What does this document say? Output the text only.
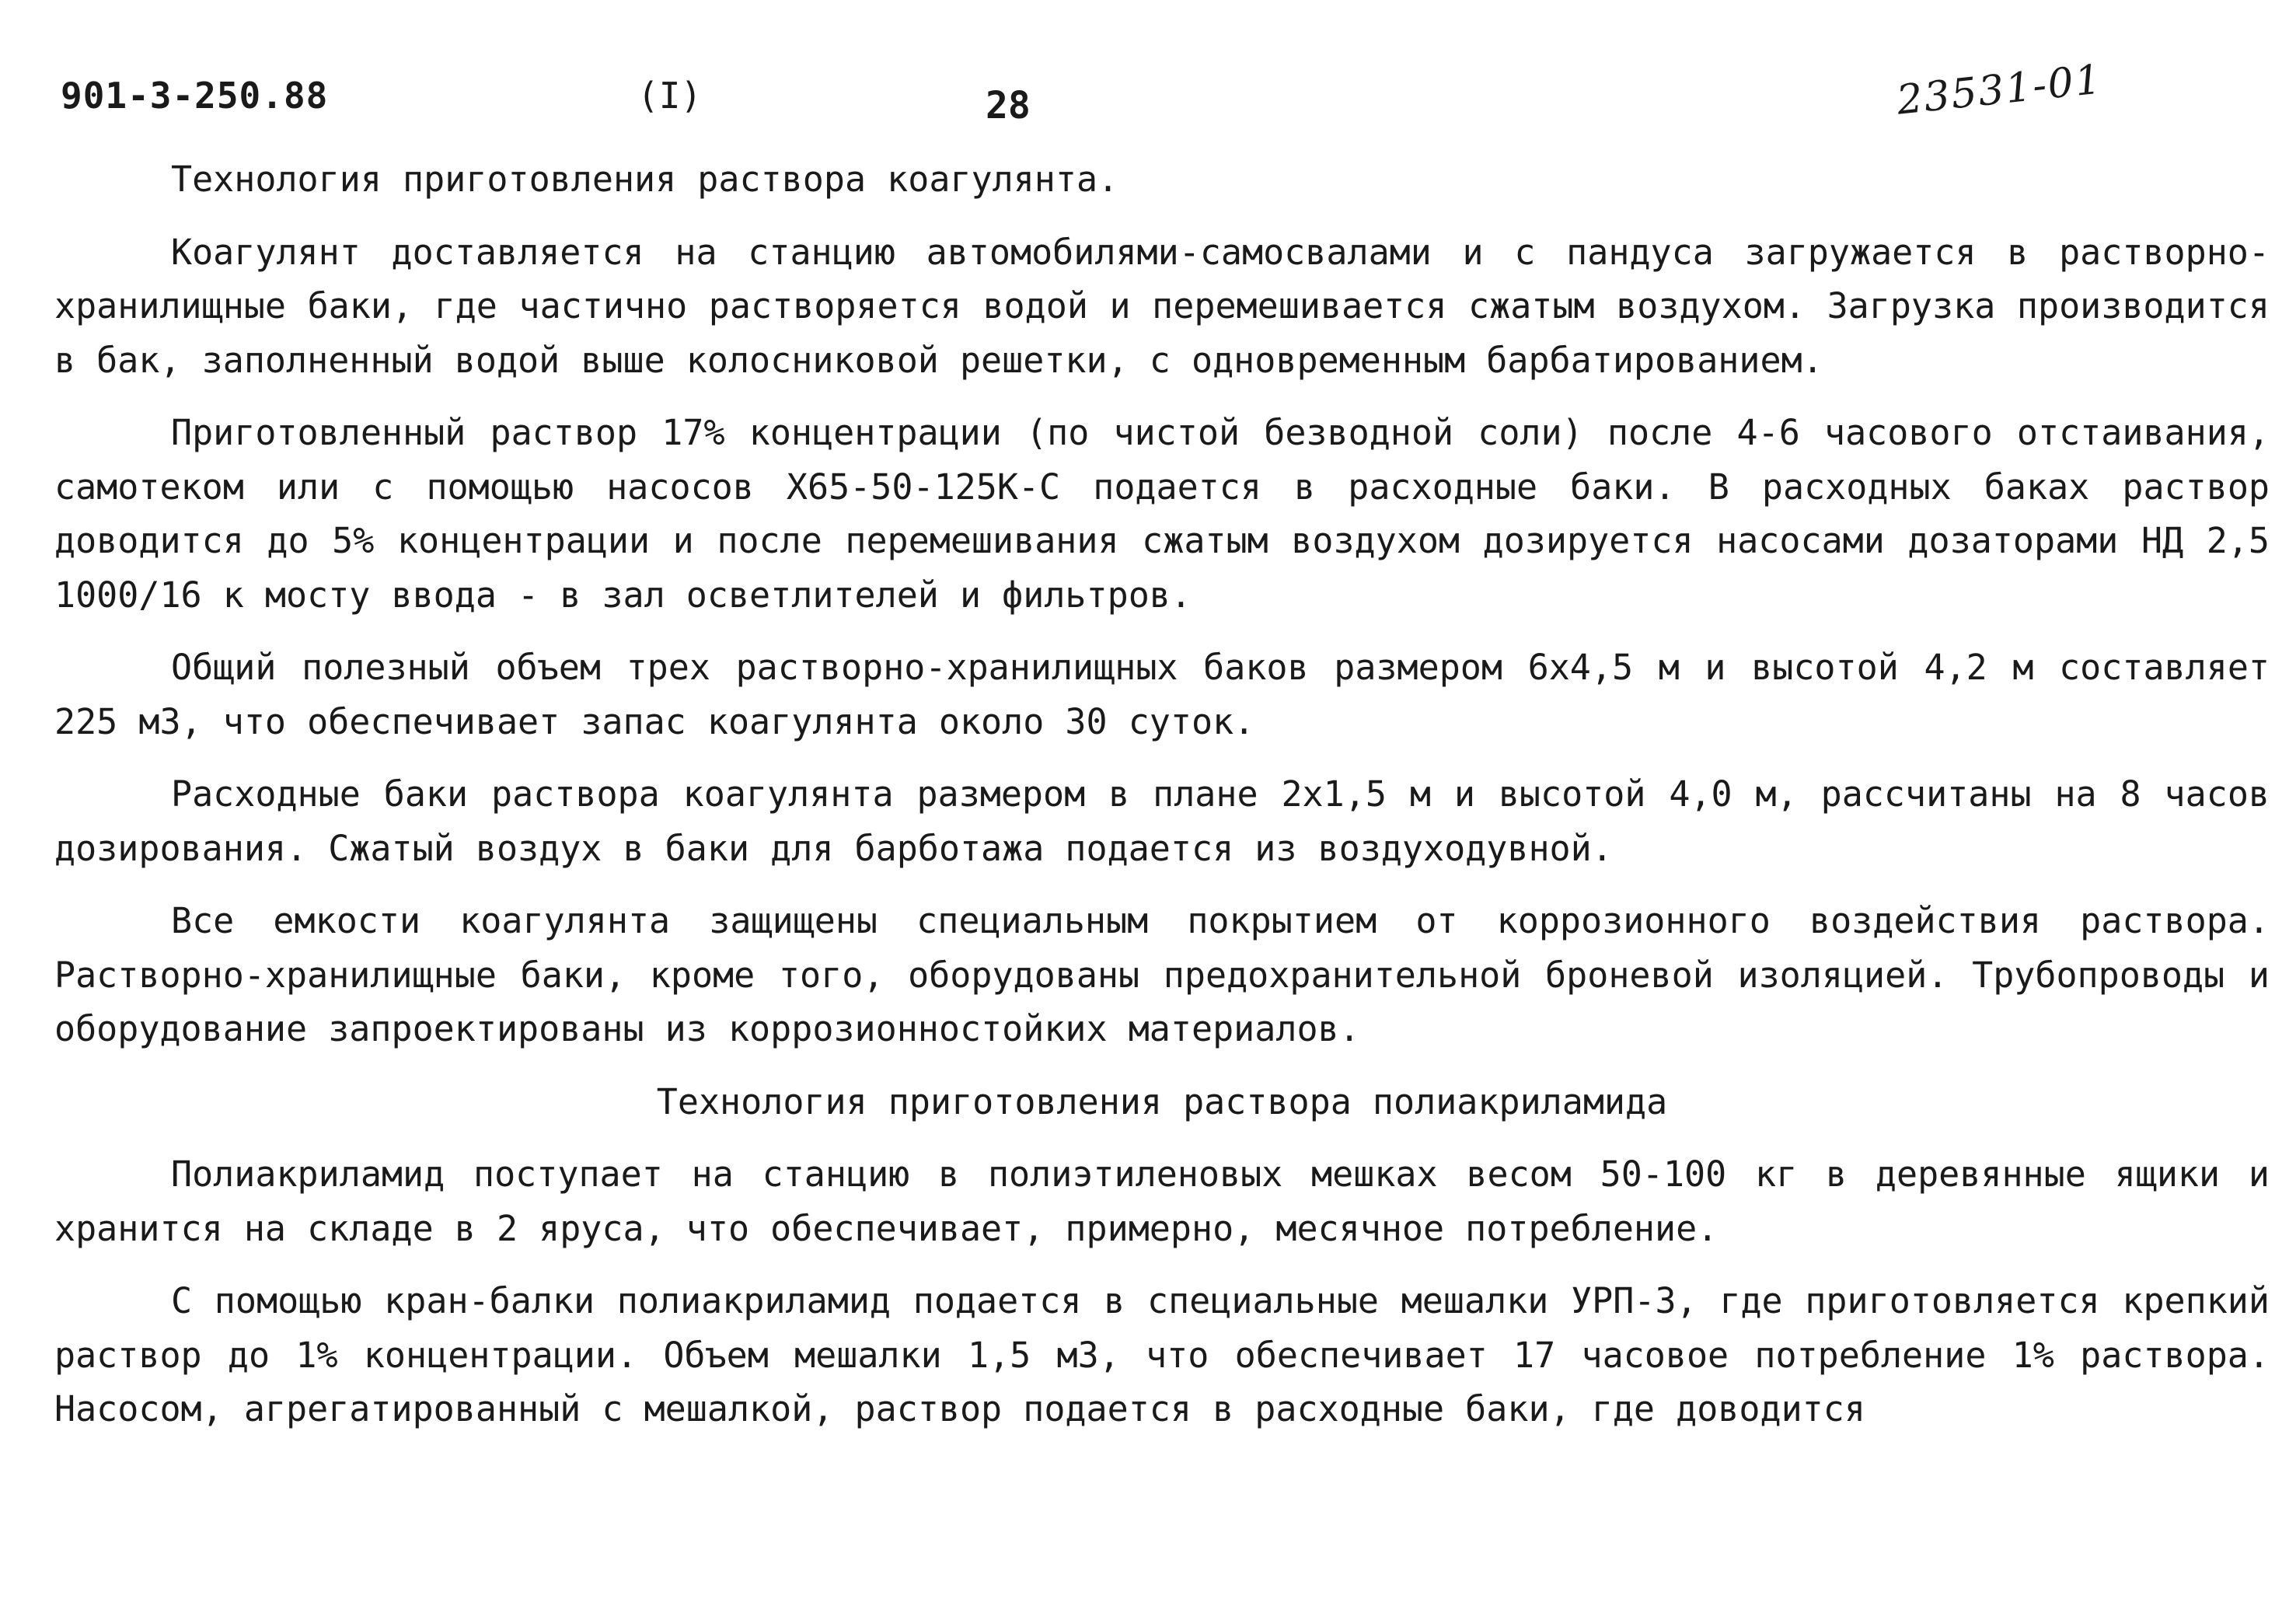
901-3-250.88	(I)	28	23531-01
Технология приготовления раствора коагулянта.

Коагулянт доставляется на станцию автомобилями-самосвалами и с пандуса загружается в растворно-хранилищные баки, где частично растворяется водой и перемешивается сжатым воздухом. Загрузка производится в бак, заполненный водой выше колосниковой решетки, с одновременным барбатированием.

Приготовленный раствор 17% концентрации (по чистой безводной соли) после 4-6 часового отстаивания, самотеком или с помощью насосов Х65-50-125К-С подается в расходные баки. В расходных баках раствор доводится до 5% концентрации и после перемешивания сжатым воздухом дозируется насосами дозаторами НД 2,5 1000/16 к мосту ввода - в зал осветлителей и фильтров.

Общий полезный объем трех растворно-хранилищных баков размером 6х4,5 м и высотой 4,2 м составляет 225 м3, что обеспечивает запас коагулянта около 30 суток.

Расходные баки раствора коагулянта размером в плане 2х1,5 м и высотой 4,0 м, рассчитаны на 8 часов дозирования. Сжатый воздух в баки для барботажа подается из воздуходувной.

Все емкости коагулянта защищены специальным покрытием от коррозионного воздействия раствора. Растворно-хранилищные баки, кроме того, оборудованы предохранительной броневой изоляцией. Трубопроводы и оборудование запроектированы из коррозионностойких материалов.

Технология приготовления раствора полиакриламида

Полиакриламид поступает на станцию в полиэтиленовых мешках весом 50-100 кг в деревянные ящики и хранится на складе в 2 яруса, что обеспечивает, примерно, месячное потребление.

С помощью кран-балки полиакриламид подается в специальные мешалки УРП-3, где приготовляется крепкий раствор до 1% концентрации. Объем мешалки 1,5 м3, что обеспечивает 17 часовое потребление 1% раствора. Насосом, агрегатированный с мешалкой, раствор подается в расходные баки, где доводится
